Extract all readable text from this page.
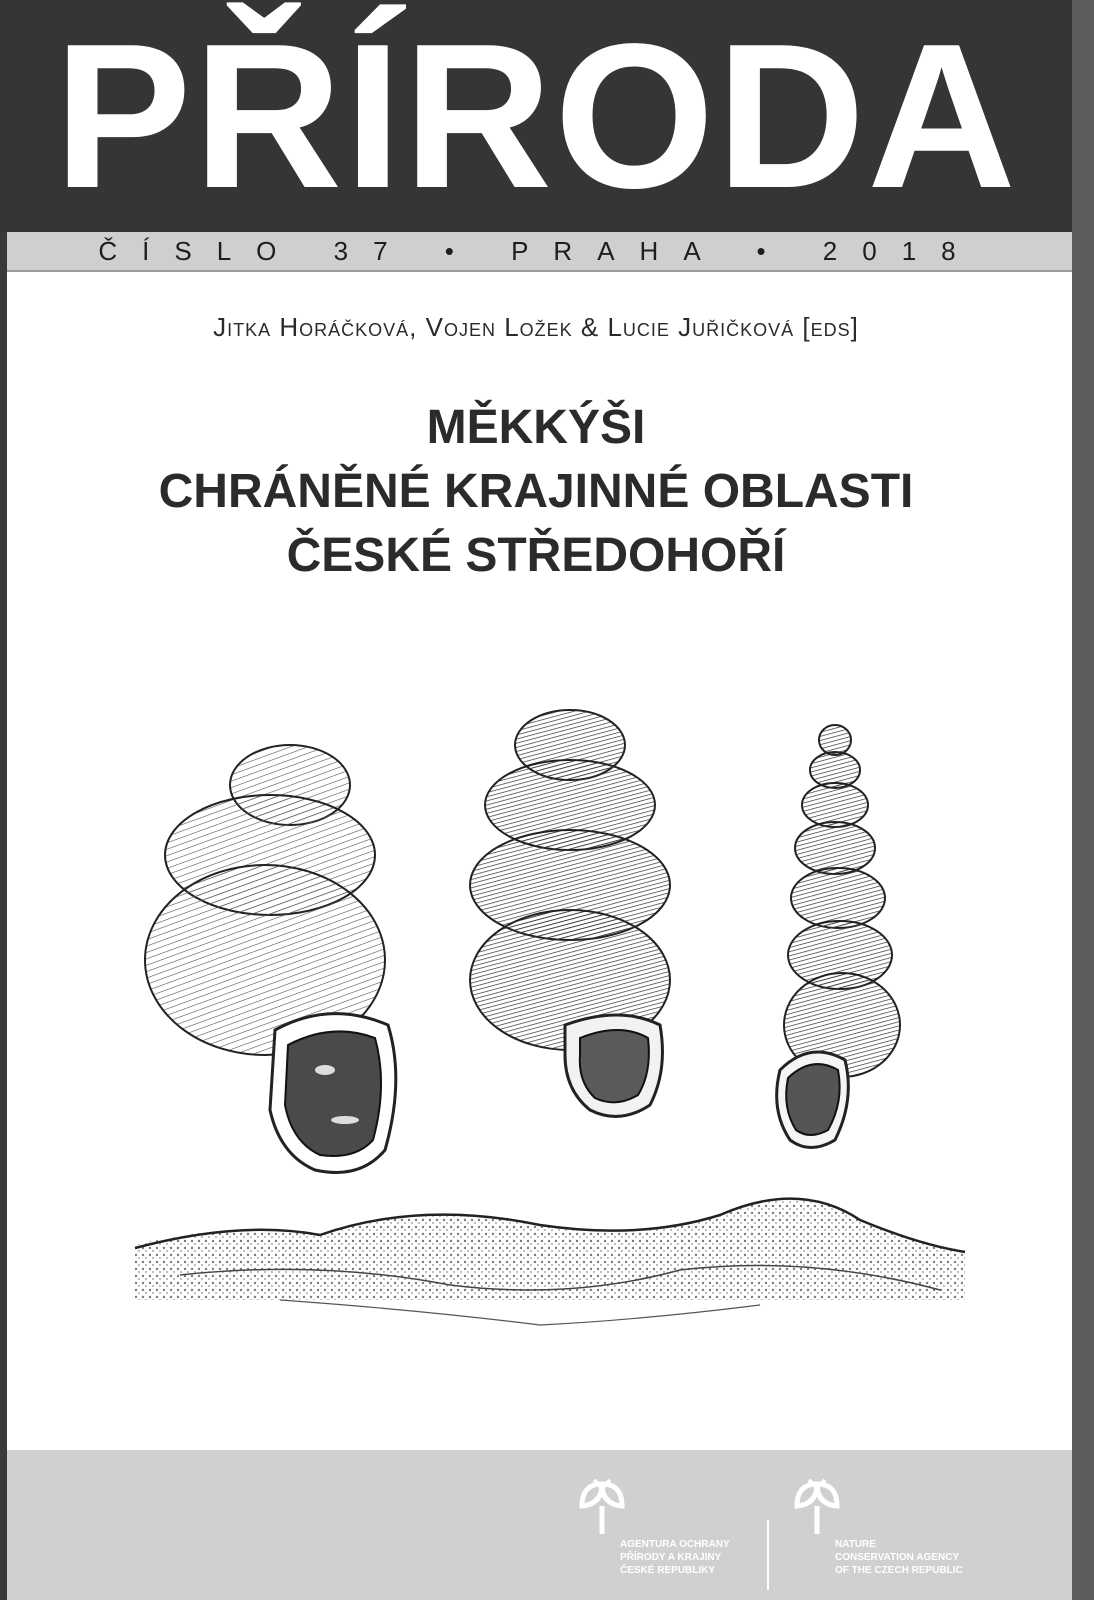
PŘÍRODA
ČÍSLO 37 • PRAHA • 2018
Jitka Horáčková, Vojen Ložek & Lucie Juřičková [eds]
MĚKKÝŠI
CHRÁNĚNÉ KRAJINNÉ OBLASTI
ČESKÉ STŘEDOHOŘÍ
AGENTURA OCHRANY
PŘÍRODY A KRAJINY
ČESKÉ REPUBLIKY
NATURE
CONSERVATION AGENCY
OF THE CZECH REPUBLIC
